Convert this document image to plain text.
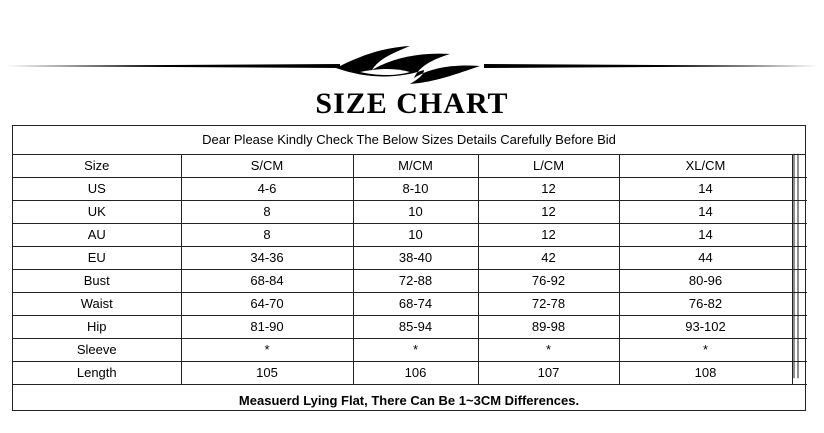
SIZE CHART
Dear Please Kindly Check The Below Sizes Details Carefully Before Bid
Size	S/CM	M/CM	L/CM	XL/CM	
US	4-6	8-10	12	14	
UK	8	10	12	14	
AU	8	10	12	14	
EU	34-36	38-40	42	44	
Bust	68-84	72-88	76-92	80-96	
Waist	64-70	68-74	72-78	76-82	
Hip	81-90	85-94	89-98	93-102	
Sleeve	*	*	*	*	
Length	105	106	107	108	
Measuerd Lying Flat, There Can Be 1~3CM Differences.
